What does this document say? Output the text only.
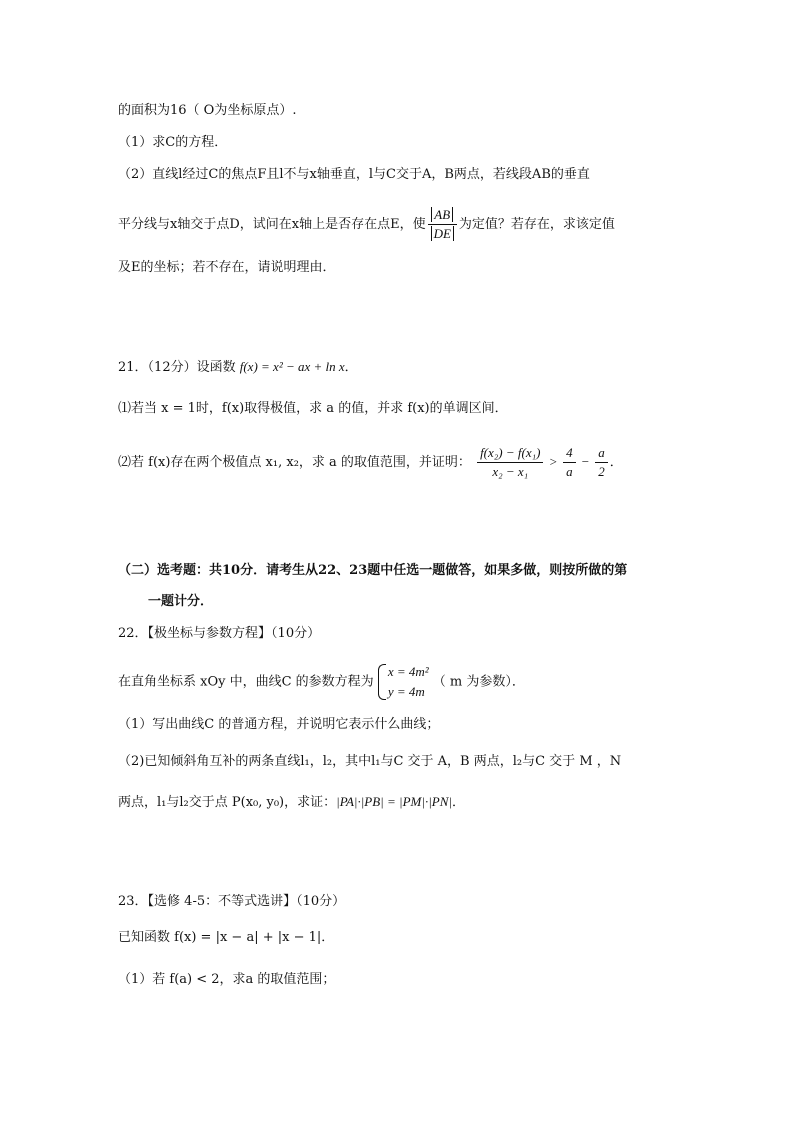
的面积为16（ O为坐标原点）.
（1）求C的方程．
（2）直线l经过C的焦点F且l不与x轴垂直，l与C交于A，B两点，若线段AB的垂直
平分线与x轴交于点D，试问在x轴上是否存在点E，使 $\frac{AB}{DE}$ 为定值？若存在，求该定值
及E的坐标；若不存在，请说明理由．
21．（12分）设函数 f(x) = x² − ax + ln x．
⑴若当 x = 1时，f(x)取得极值，求 a 的值，并求 f(x)的单调区间．
⑵若 f(x)存在两个极值点 x₁, x₂，求 a 的取值范围，并证明： $\frac{\text{f(x₂) − f(x₁)}}{\text{x₂ − x₁}} > \frac{4}{a} - \frac{a}{2}$ ．
（二）选考题：共10分．请考生从22、23题中任选一题做答，如果多做，则按所做的第
一题计分．
22．【极坐标与参数方程】（10分）
在直角坐标系 xOy 中，曲线C 的参数方程为
x = 4m²
y = 4m
（ m 为参数）．
（1）写出曲线C 的普通方程，并说明它表示什么曲线；
（2)已知倾斜角互补的两条直线l₁，l₂，其中l₁与C 交于 A，B 两点，l₂与C 交于 M ，N
两点，l₁与l₂交于点 P(x₀, y₀)，求证：|PA|·|PB| = |PM|·|PN|．
23．【选修 4-5：不等式选讲】（10分）
已知函数 f(x) = |x − a| + |x − 1|．
（1）若 f(a) < 2，求a 的取值范围；
